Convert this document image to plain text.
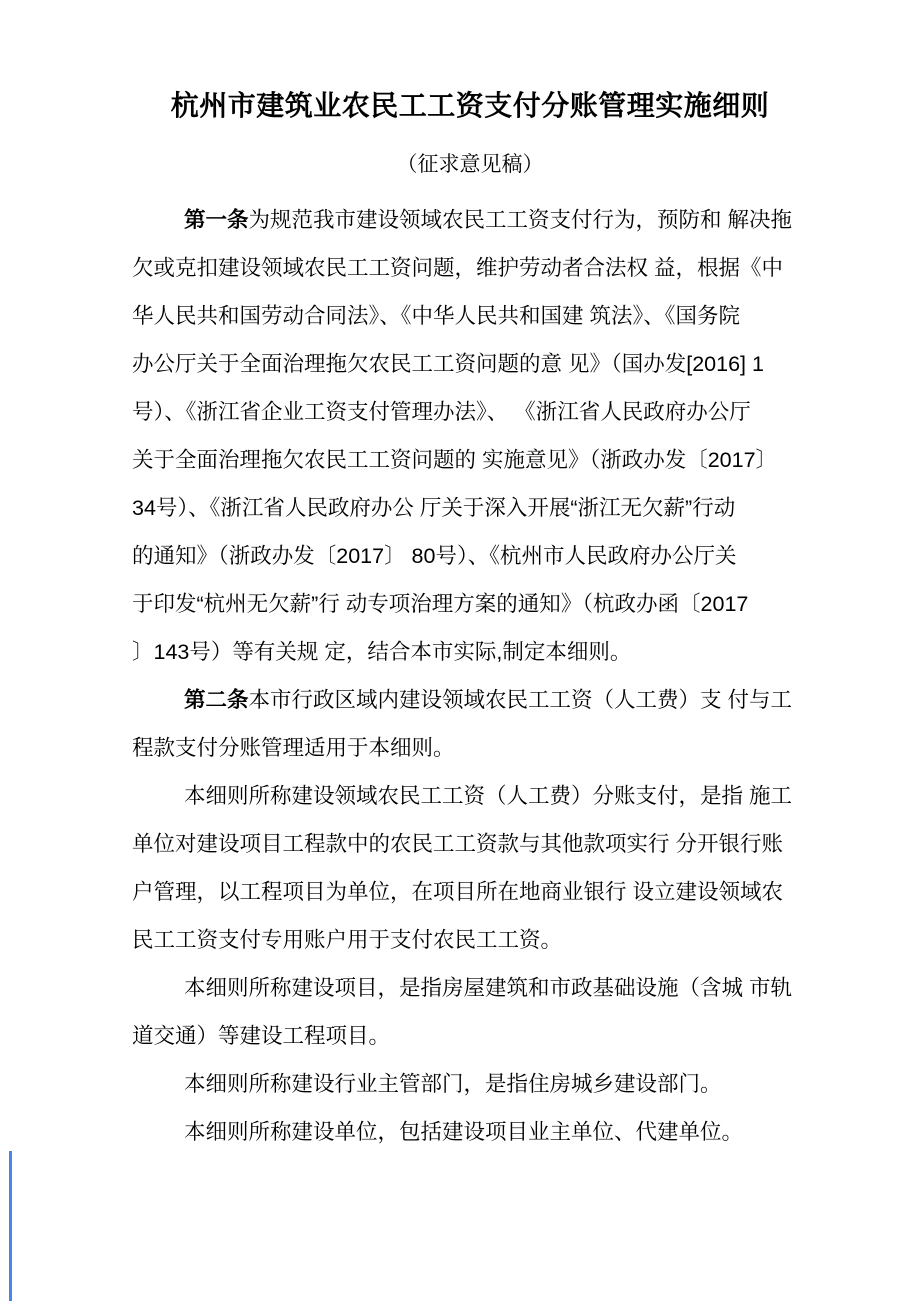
杭州市建筑业农民工工资支付分账管理实施细则
（征求意见稿）

第一条为规范我市建设领域农民工工资支付行为，预防和 解决拖
欠或克扣建设领域农民工工资问题，维护劳动者合法权 益，根据《中
华人民共和国劳动合同法》、《中华人民共和国建 筑法》、《国务院
办公厅关于全面治理拖欠农民工工资问题的意 见》（国办发[2016] 1
号）、《浙江省企业工资支付管理办法》、 《浙江省人民政府办公厅
关于全面治理拖欠农民工工资问题的 实施意见》（浙政办发〔2017〕
34号）、《浙江省人民政府办公 厅关于深入开展“浙江无欠薪”行动
的通知》（浙政办发〔2017〕 80号）、《杭州市人民政府办公厅关
于印发“杭州无欠薪”行 动专项治理方案的通知》（杭政办函〔2017
〕143号）等有关规 定，结合本市实际,制定本细则。

第二条本市行政区域内建设领域农民工工资（人工费）支 付与工
程款支付分账管理适用于本细则。

本细则所称建设领域农民工工资（人工费）分账支付，是指 施工
单位对建设项目工程款中的农民工工资款与其他款项实行 分开银行账
户管理，以工程项目为单位，在项目所在地商业银行 设立建设领域农
民工工资支付专用账户用于支付农民工工资。

本细则所称建设项目，是指房屋建筑和市政基础设施（含城 市轨
道交通）等建设工程项目。

本细则所称建设行业主管部门，是指住房城乡建设部门。

本细则所称建设单位，包括建设项目业主单位、代建单位。
